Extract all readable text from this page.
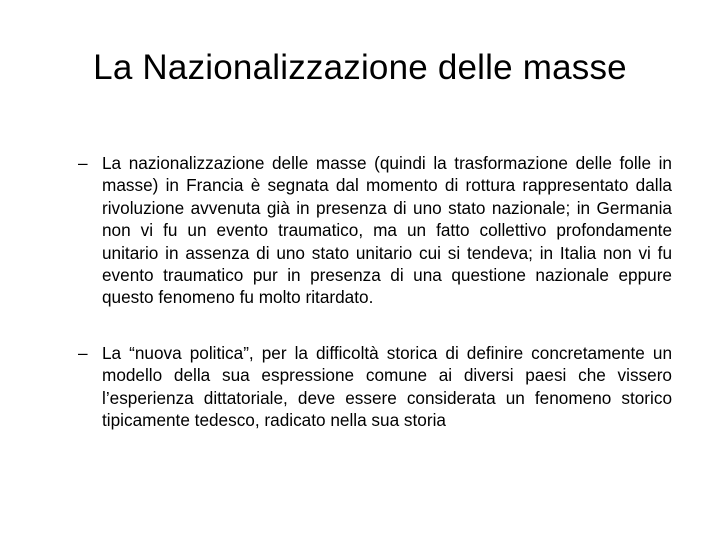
La Nazionalizzazione delle masse
– La nazionalizzazione delle masse (quindi la trasformazione delle folle in masse) in Francia è segnata dal momento di rottura rappresentato dalla rivoluzione avvenuta già in presenza di uno stato nazionale; in Germania non vi fu un evento traumatico, ma un fatto collettivo profondamente unitario in assenza di uno stato unitario cui si tendeva; in Italia non vi fu evento traumatico pur in presenza di una questione nazionale eppure questo fenomeno fu molto ritardato.
– La “nuova politica”, per la difficoltà storica di definire concretamente un modello della sua espressione comune ai diversi paesi che vissero l’esperienza dittatoriale, deve essere considerata un fenomeno storico tipicamente tedesco, radicato nella sua storia
